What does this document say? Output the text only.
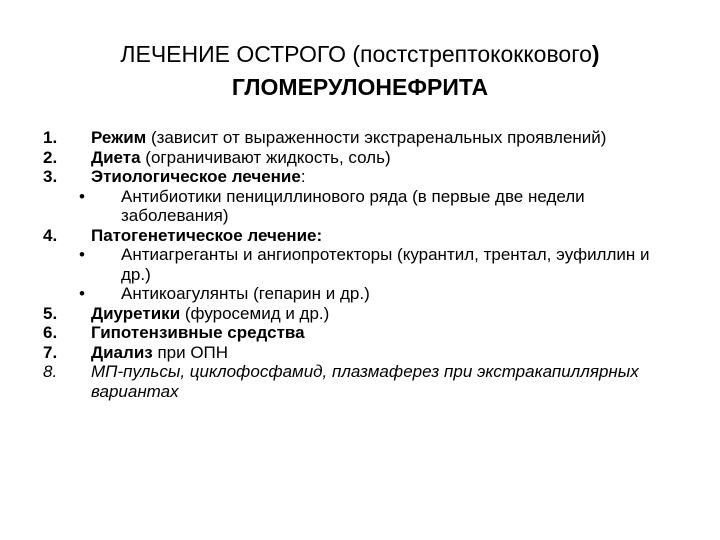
ЛЕЧЕНИЕ ОСТРОГО (постстрептококкового)
ГЛОМЕРУЛОНЕФРИТА
1. Режим (зависит от выраженности экстраренальных проявлений)
2. Диета (ограничивают жидкость, соль)
3. Этиологическое лечение:
• Антибиотики пенициллинового ряда (в первые две недели заболевания)
4. Патогенетическое лечение:
• Антиагреганты и ангиопротекторы (курантил, трентал, эуфиллин и др.)
• Антикоагулянты (гепарин и др.)
5. Диуретики (фуросемид и др.)
6. Гипотензивные средства
7. Диализ при ОПН
8. МП-пульсы, циклофосфамид, плазмаферез при экстракапиллярных вариантах
